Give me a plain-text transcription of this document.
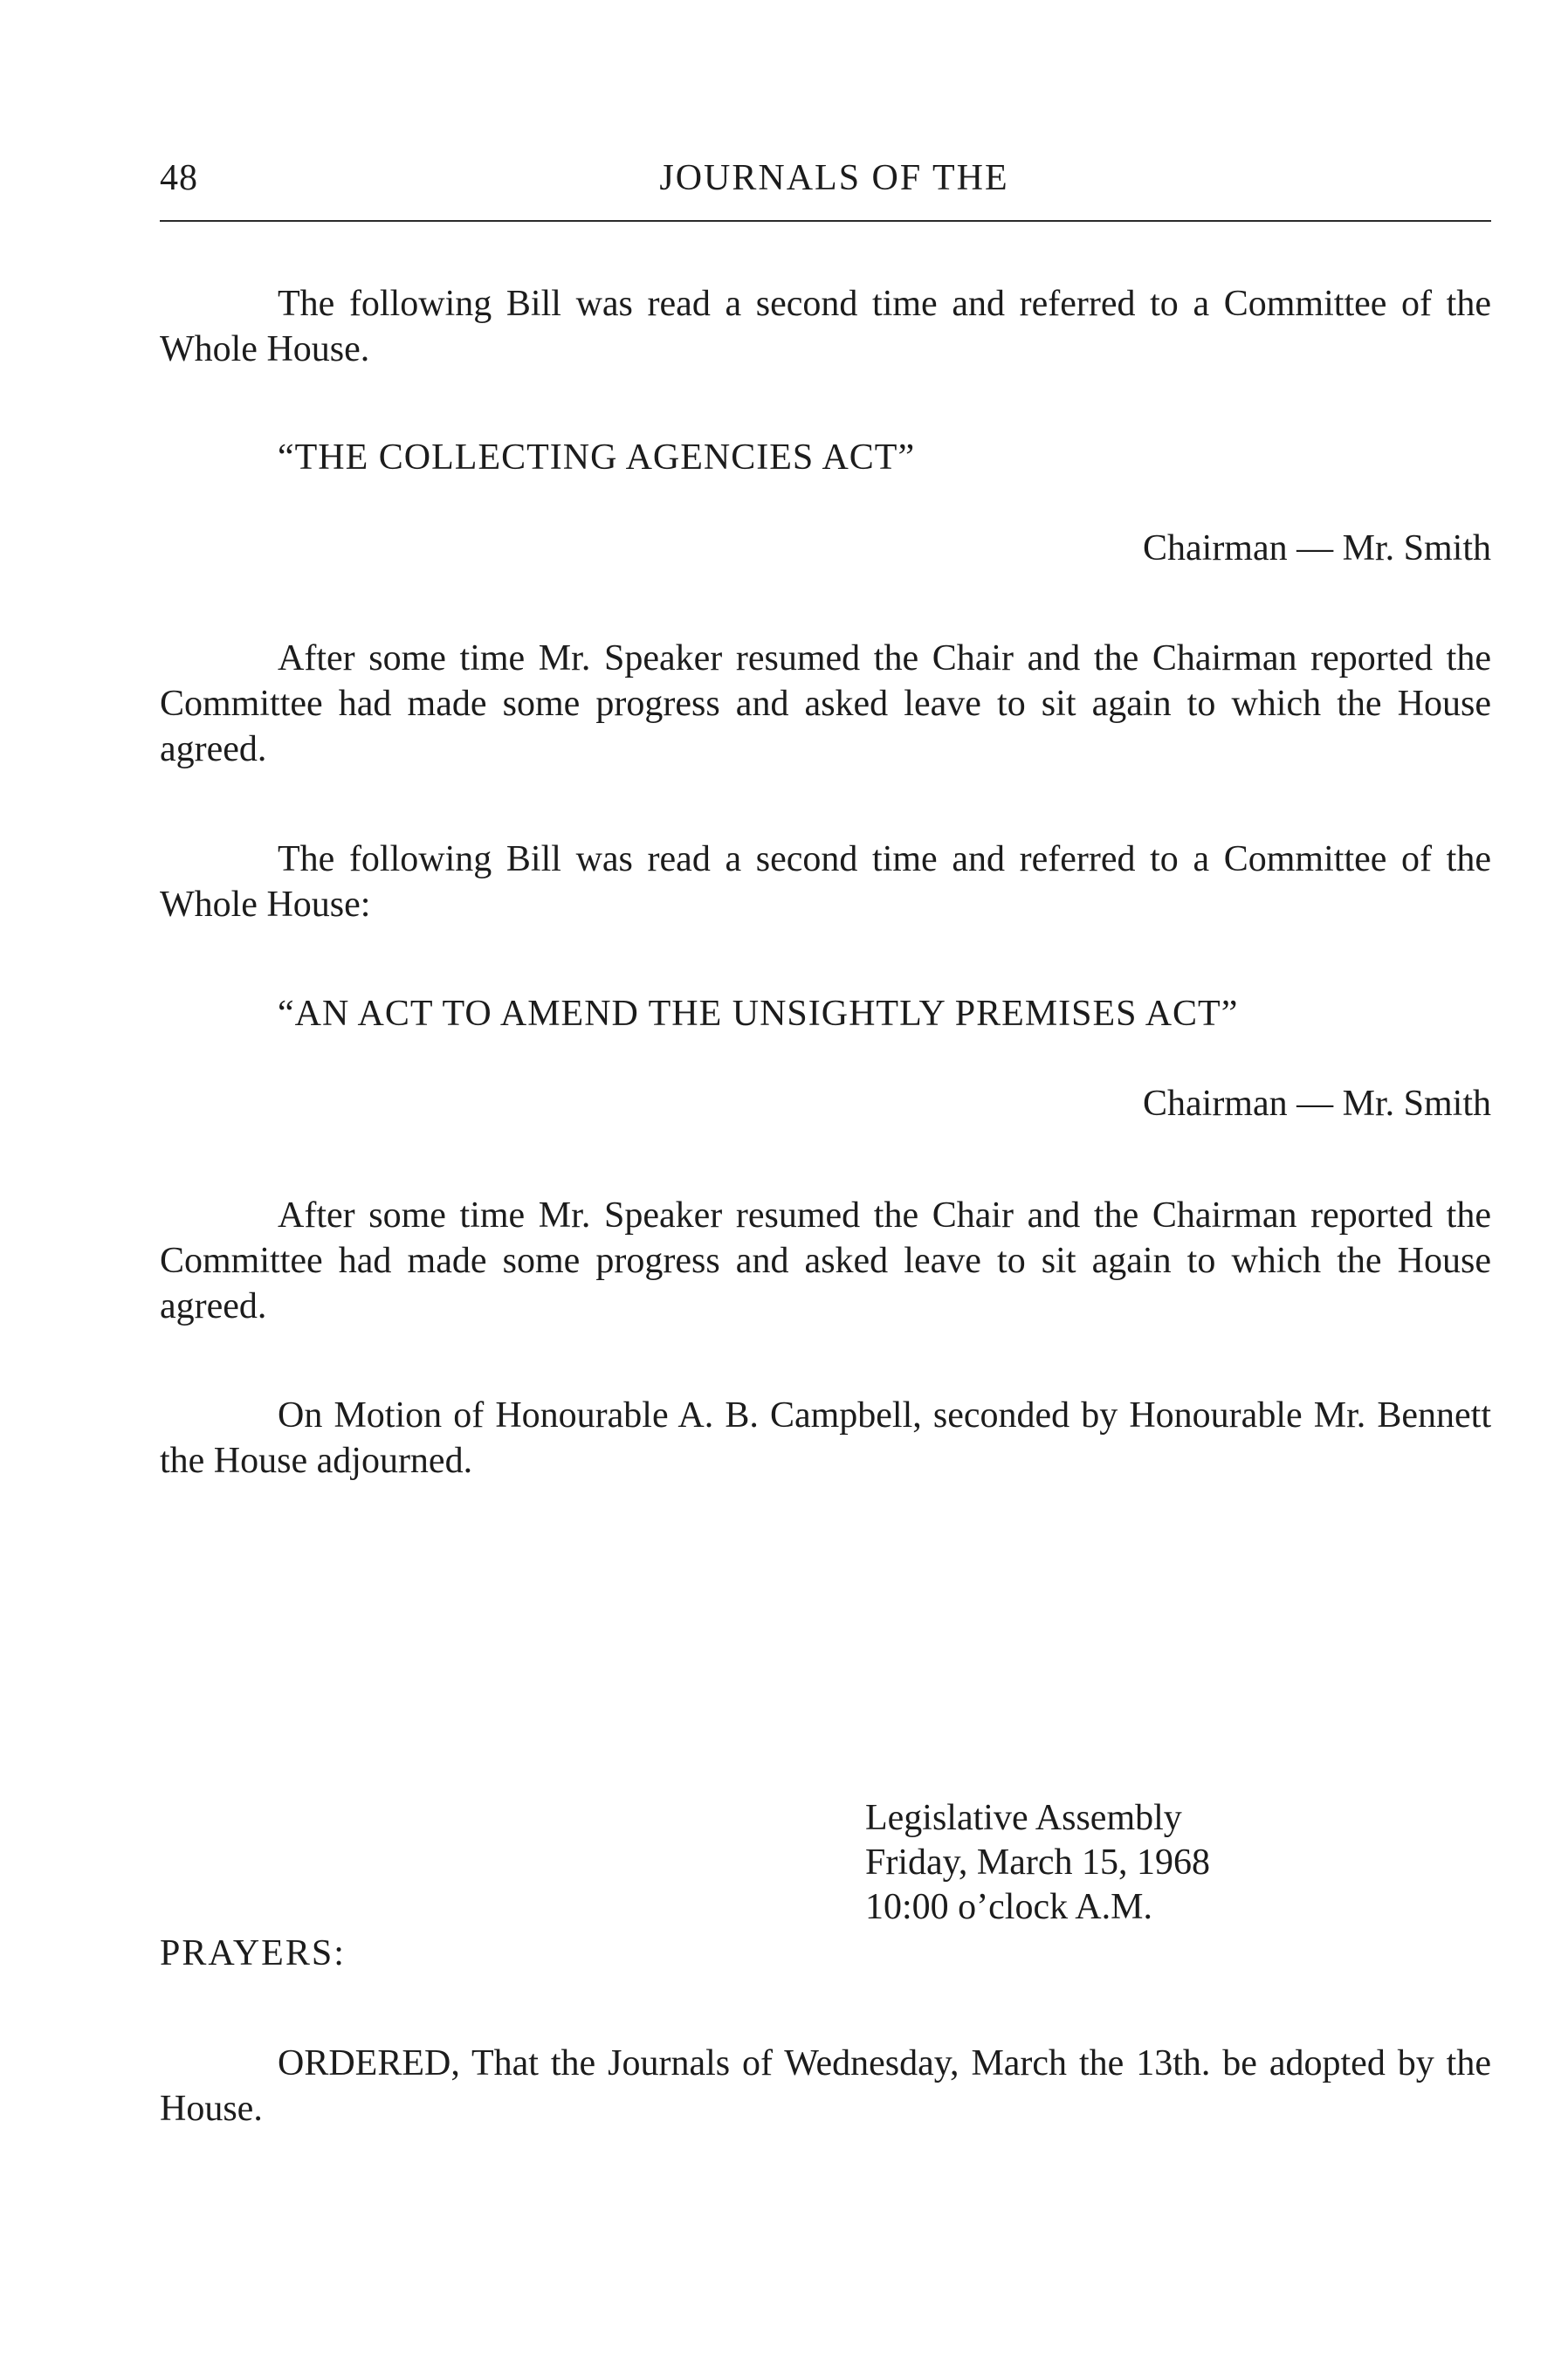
48	JOURNALS OF THE

The following Bill was read a second time and referred to a Committee of the Whole House.

“THE COLLECTING AGENCIES ACT”

Chairman — Mr. Smith

After some time Mr. Speaker resumed the Chair and the Chairman reported the Committee had made some progress and asked leave to sit again to which the House agreed.

The following Bill was read a second time and referred to a Committee of the Whole House:

“AN ACT TO AMEND THE UNSIGHTLY PREMISES ACT”

Chairman — Mr. Smith

After some time Mr. Speaker resumed the Chair and the Chairman reported the Committee had made some progress and asked leave to sit again to which the House agreed.

On Motion of Honourable A. B. Campbell, seconded by Honourable Mr. Bennett the House adjourned.

Legislative Assembly
Friday, March 15, 1968
10:00 o’clock A.M.

PRAYERS:

ORDERED, That the Journals of Wednesday, March the 13th. be adopted by the House.
